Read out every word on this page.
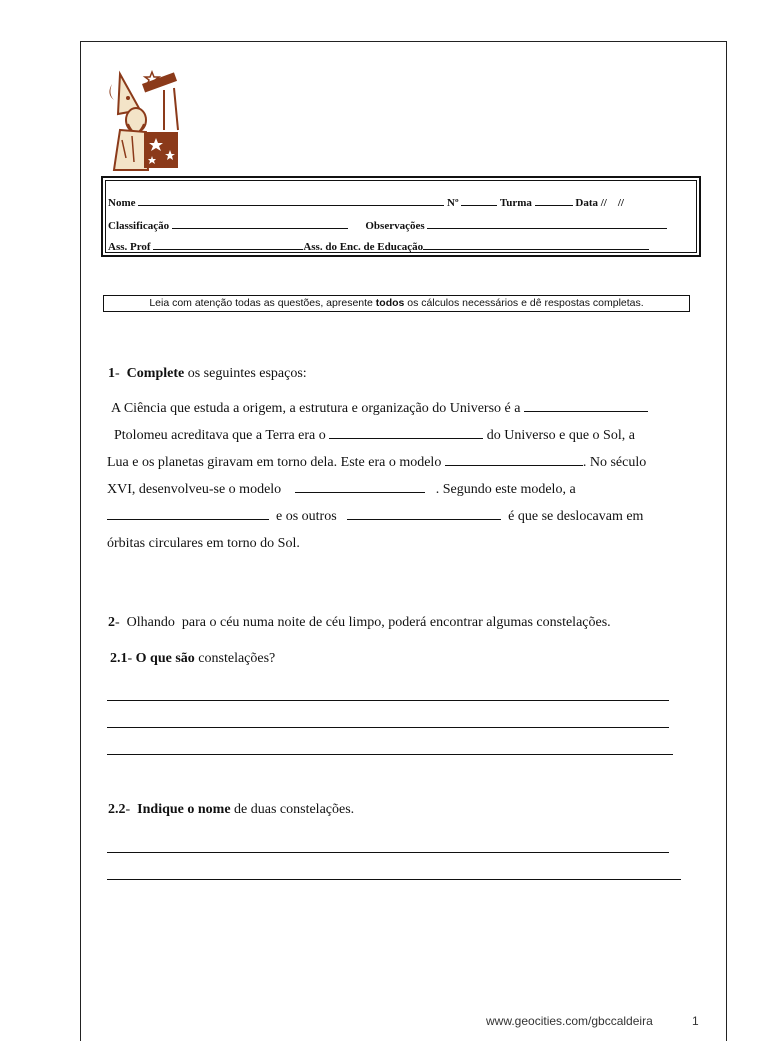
Nome	Nº	Turma	Data //    //
Classificação	Observações
Ass. Prof	Ass. do Enc. de Educação
Leia com atenção todas as questões, apresente todos os cálculos necessários e dê respostas completas.
1- Complete os seguintes espaços:
A Ciência que estuda a origem, a estrutura e organização do Universo é a
Ptolomeu acreditava que a Terra era o	do Universo e que o Sol, a
Lua e os planetas giravam em torno dela. Este era o modelo	. No século
XVI, desenvolveu-se o modelo	. Segundo este modelo, a
e os outros	é que se deslocavam em
órbitas circulares em torno do Sol.
2-  Olhando  para o céu numa noite de céu limpo, poderá encontrar algumas constelações.
2.1- O que são constelações?
2.2-  Indique o nome de duas constelações.
www.geocities.com/gbccaldeira	1
